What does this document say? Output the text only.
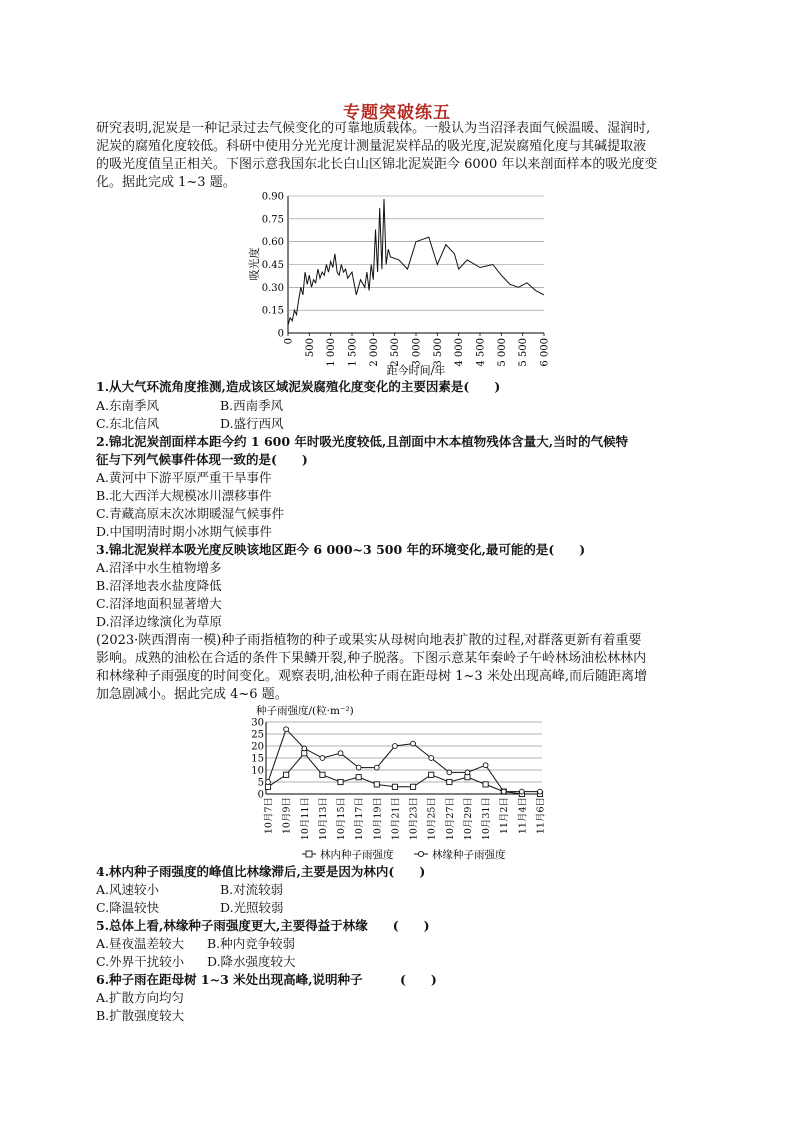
专题突破练五
研究表明,泥炭是一种记录过去气候变化的可靠地质载体。一般认为当沼泽表面气候温暖、湿润时,
泥炭的腐殖化度较低。科研中使用分光光度计测量泥炭样品的吸光度,泥炭腐殖化度与其碱提取液
的吸光度值呈正相关。下图示意我国东北长白山区锦北泥炭距今 6000 年以来剖面样本的吸光度变
化。据此完成 1~3 题。
0
0.15
0.30
0.45
0.60
0.75
0.90
0 500 1 000 1 500 2 000 2 500 3 000 3 500 4 000 4 500 5 000 5 500 6 000
吸光度
距今时间/年
1.从大气环流角度推测,造成该区域泥炭腐殖化度变化的主要因素是(　　)
A.东南季风	B.西南季风
C.东北信风	D.盛行西风
2.锦北泥炭剖面样本距今约 1 600 年时吸光度较低,且剖面中木本植物残体含量大,当时的气候特
征与下列气候事件体现一致的是(　　)
A.黄河中下游平原严重干旱事件
B.北大西洋大规模冰川漂移事件
C.青藏高原末次冰期暖湿气候事件
D.中国明清时期小冰期气候事件
3.锦北泥炭样本吸光度反映该地区距今 6 000~3 500 年的环境变化,最可能的是(　　)
A.沼泽中水生植物增多
B.沼泽地表水盐度降低
C.沼泽地面积显著增大
D.沼泽边缘演化为草原
(2023·陕西渭南一模)种子雨指植物的种子或果实从母树向地表扩散的过程,对群落更新有着重要
影响。成熟的油松在合适的条件下果鳞开裂,种子脱落。下图示意某年秦岭子午岭林场油松林林内
和林缘种子雨强度的时间变化。观察表明,油松种子雨在距母树 1~3 米处出现高峰,而后随距离增
加急剧减小。据此完成 4~6 题。
种子雨强度/(粒·m⁻²)
0
5
10
15
20
25
30
10月7日 10月9日 10月11日 10月13日 10月15日 10月17日 10月19日 10月21日 10月23日 10月25日 10月27日 10月29日 10月31日 11月2日 11月4日 11月6日
林内种子雨强度	林缘种子雨强度
4.林内种子雨强度的峰值比林缘滞后,主要是因为林内(　　)
A.风速较小	B.对流较弱
C.降温较快	D.光照较弱
5.总体上看,林缘种子雨强度更大,主要得益于林缘　　(　　)
A.昼夜温差较大 B.种内竞争较弱
C.外界干扰较小 D.降水强度较大
6.种子雨在距母树 1~3 米处出现高峰,说明种子　　　(　　)
A.扩散方向均匀
B.扩散强度较大
